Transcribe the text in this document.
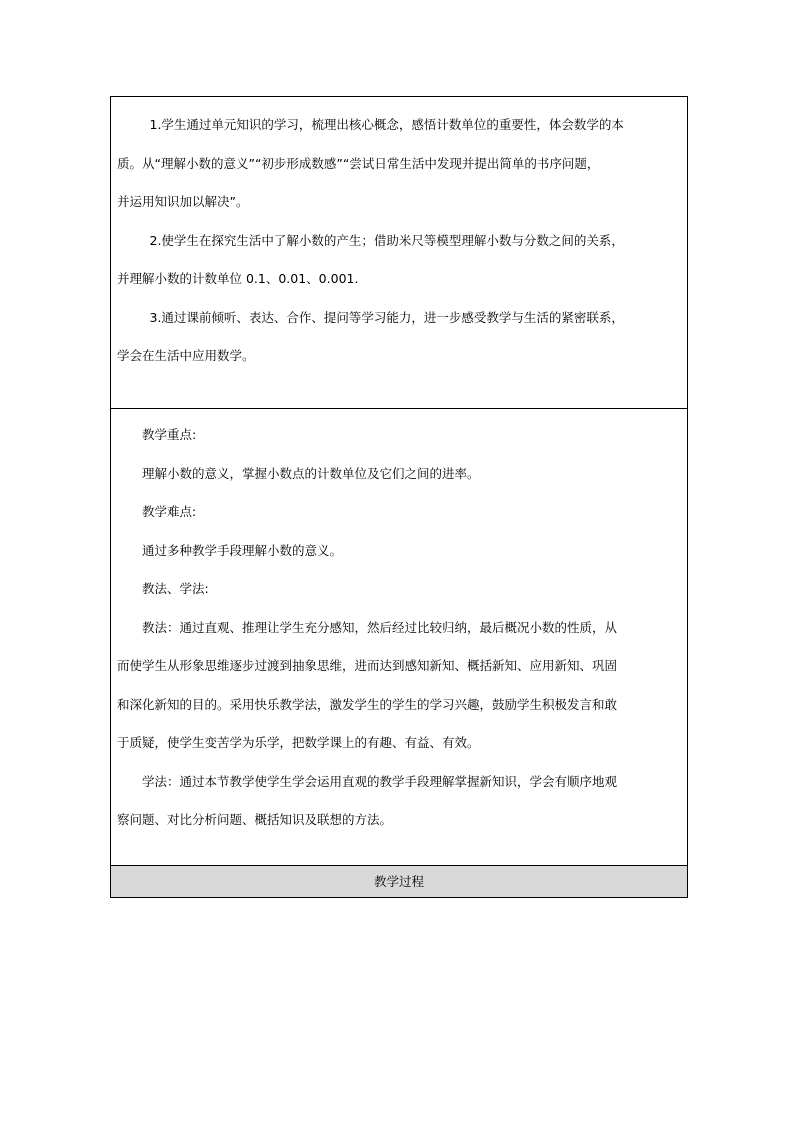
1.学生通过单元知识的学习，梳理出核心概念，感悟计数单位的重要性，体会数学的本

质。从“理解小数的意义”“初步形成数感”“尝试日常生活中发现并提出简单的书序问题，

并运用知识加以解决”。

2.使学生在探究生活中了解小数的产生；借助米尺等模型理解小数与分数之间的关系，

并理解小数的计数单位 0.1、0.01、0.001.

3.通过课前倾听、表达、合作、提问等学习能力，进一步感受教学与生活的紧密联系，

学会在生活中应用数学。

教学重点:

理解小数的意义，掌握小数点的计数单位及它们之间的进率。

教学难点:

通过多种教学手段理解小数的意义。

教法、学法:

教法：通过直观、推理让学生充分感知，然后经过比较归纳，最后概况小数的性质，从

而使学生从形象思维逐步过渡到抽象思维，进而达到感知新知、概括新知、应用新知、巩固

和深化新知的目的。采用快乐教学法，激发学生的学生的学习兴趣，鼓励学生积极发言和敢

于质疑，使学生变苦学为乐学，把数学课上的有趣、有益、有效。

学法：通过本节教学使学生学会运用直观的教学手段理解掌握新知识，学会有顺序地观

察问题、对比分析问题、概括知识及联想的方法。

教学过程
